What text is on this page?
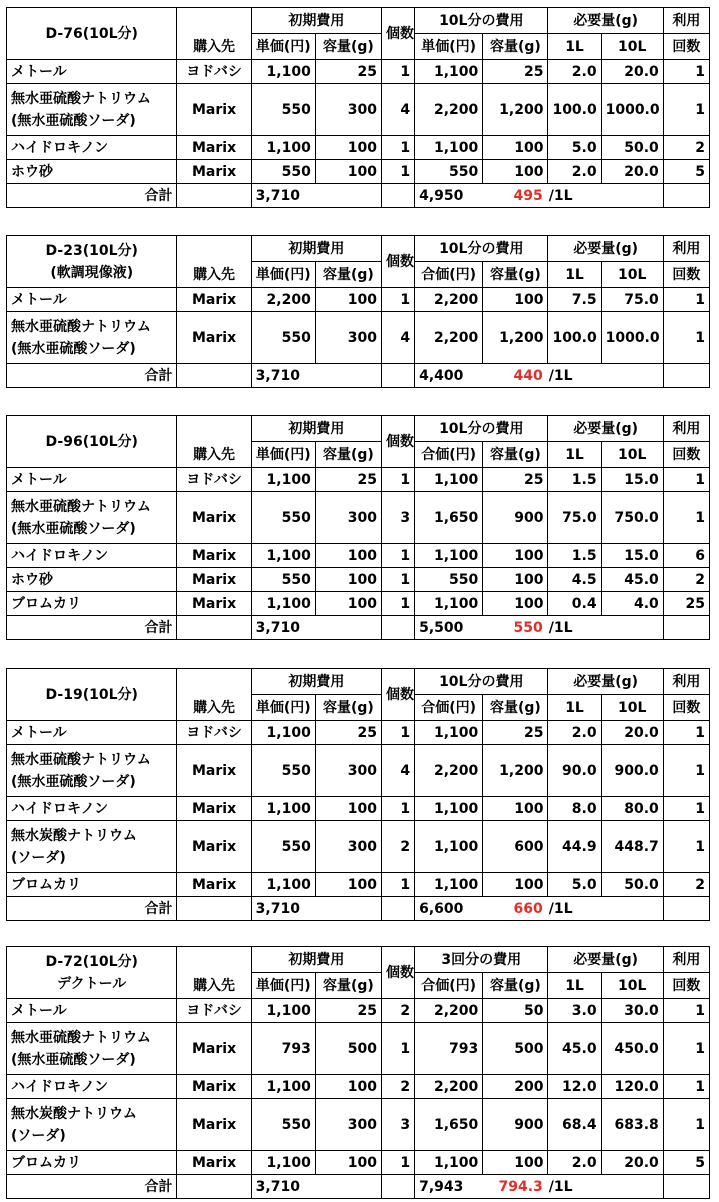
D-76(10L分)	購入先	初期費用		個数	10L分の費用		必要量(g)		利用
		単価(円)	容量(g)		単価(円)	容量(g)	1L	10L	回数

メトール	ヨドバシ	1,100	25	1	1,100	25	2.0	20.0	1

無水亜硫酸ナトリウム
(無水亜硫酸ソーダ)	Marix	550	300	4	2,200	1,200	100.0	1000.0	1

ハイドロキノン	Marix	1,100	100	1	1,100	100	5.0	50.0	2

ホウ砂	Marix	550	100	1	550	100	2.0	20.0	5
合計		3,710			4,950	495 /1L			
D-23(10L分)
(軟調現像液)	購入先	初期費用		個数	10L分の費用		必要量(g)		利用
		単価(円)	容量(g)		合価(円)	容量(g)	1L	10L	回数

メトール	Marix	2,200	100	1	2,200	100	7.5	75.0	1

無水亜硫酸ナトリウム
(無水亜硫酸ソーダ)	Marix	550	300	4	2,200	1,200	100.0	1000.0	1
合計		3,710			4,400	440 /1L			
D-96(10L分)	購入先	初期費用		個数	10L分の費用		必要量(g)		利用
		単価(円)	容量(g)		合価(円)	容量(g)	1L	10L	回数

メトール	ヨドバシ	1,100	25	1	1,100	25	1.5	15.0	1

無水亜硫酸ナトリウム
(無水亜硫酸ソーダ)	Marix	550	300	3	1,650	900	75.0	750.0	1

ハイドロキノン	Marix	1,100	100	1	1,100	100	1.5	15.0	6

ホウ砂	Marix	550	100	1	550	100	4.5	45.0	2

ブロムカリ	Marix	1,100	100	1	1,100	100	0.4	4.0	25
合計		3,710			5,500	550 /1L			
D-19(10L分)	購入先	初期費用		個数	10L分の費用		必要量(g)		利用
		単価(円)	容量(g)		合価(円)	容量(g)	1L	10L	回数

メトール	ヨドバシ	1,100	25	1	1,100	25	2.0	20.0	1

無水亜硫酸ナトリウム
(無水亜硫酸ソーダ)	Marix	550	300	4	2,200	1,200	90.0	900.0	1

ハイドロキノン	Marix	1,100	100	1	1,100	100	8.0	80.0	1

無水炭酸ナトリウム
(ソーダ)	Marix	550	300	2	1,100	600	44.9	448.7	1

ブロムカリ	Marix	1,100	100	1	1,100	100	5.0	50.0	2
合計		3,710			6,600	660 /1L			
D-72(10L分)
デクトール	購入先	初期費用		個数	3回分の費用		必要量(g)		利用
		単価(円)	容量(g)		合価(円)	容量(g)	1L	10L	回数

メトール	ヨドバシ	1,100	25	2	2,200	50	3.0	30.0	1

無水亜硫酸ナトリウム
(無水亜硫酸ソーダ)	Marix	793	500	1	793	500	45.0	450.0	1

ハイドロキノン	Marix	1,100	100	2	2,200	200	12.0	120.0	1

無水炭酸ナトリウム
(ソーダ)	Marix	550	300	3	1,650	900	68.4	683.8	1

ブロムカリ	Marix	1,100	100	1	1,100	100	2.0	20.0	5
合計		3,710			7,943	794.3 /1L			
